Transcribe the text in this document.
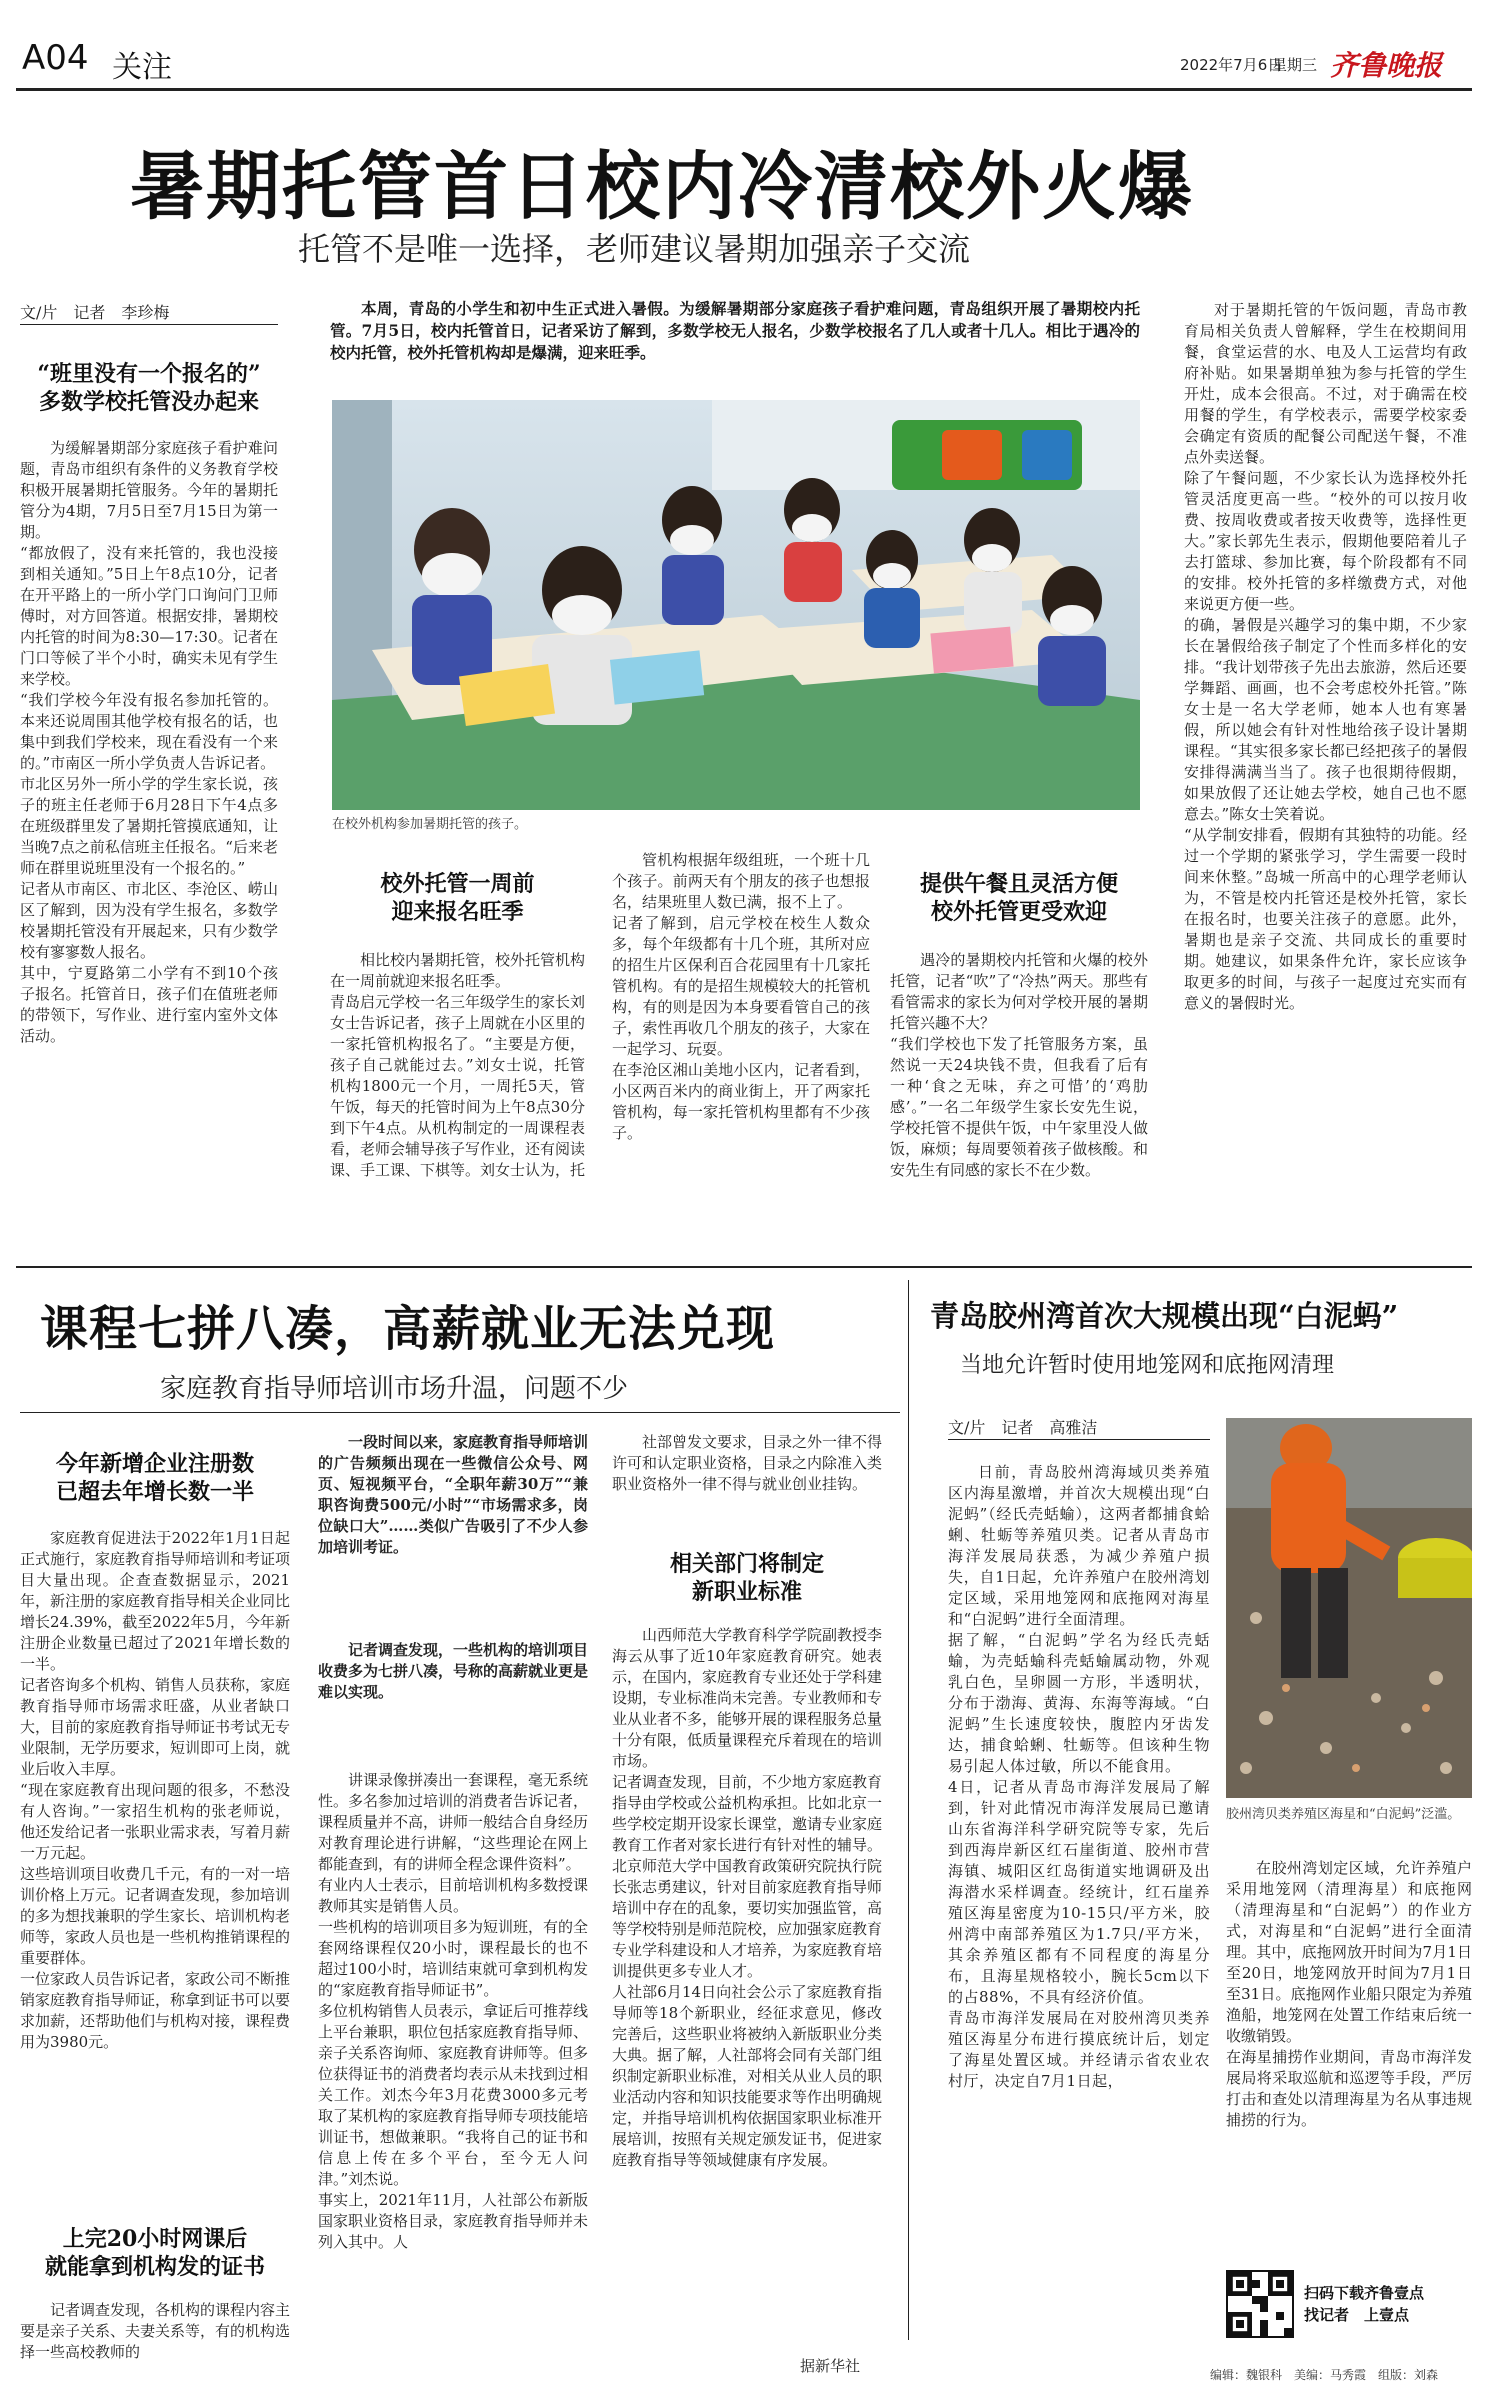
A04 关注	2022年7月6日
星期三 齐鲁晚报
暑期托管首日校内冷清校外火爆
托管不是唯一选择，老师建议暑期加强亲子交流
文/片　记者　李珍梅	本周，青岛的小学生和初中生正式进入暑假。为缓解暑期部分家庭孩子看护难问题，青岛组织开展了暑期校内托管。7月5日，校内托管首日，记者采访了解到，多数学校无人报名，少数学校报名了几人或者十几人。相比于遇冷的校内托管，校外托管机构却是爆满，迎来旺季。
“班里没有一个报名的”
多数学校托管没办起来
为缓解暑期部分家庭孩子看护难问题，青岛市组织有条件的义务教育学校积极开展暑期托管服务。今年的暑期托管分为4期，7月5日至7月15日为第一期。
“都放假了，没有来托管的，我也没接到相关通知。”5日上午8点10分，记者在开平路上的一所小学门口询问门卫师傅时，对方回答道。根据安排，暑期校内托管的时间为8:30—17:30。记者在门口等候了半个小时，确实未见有学生来学校。
“我们学校今年没有报名参加托管的。本来还说周围其他学校有报名的话，也集中到我们学校来，现在看没有一个来的。”市南区一所小学负责人告诉记者。
市北区另外一所小学的学生家长说，孩子的班主任老师于6月28日下午4点多在班级群里发了暑期托管摸底通知，让当晚7点之前私信班主任报名。“后来老师在群里说班里没有一个报名的。”
记者从市南区、市北区、李沧区、崂山区了解到，因为没有学生报名，多数学校暑期托管没有开展起来，只有少数学校有寥寥数人报名。
其中，宁夏路第二小学有不到10个孩子报名。托管首日，孩子们在值班老师的带领下，写作业、进行室内室外文体活动。
在校外机构参加暑期托管的孩子。
校外托管一周前
迎来报名旺季
相比校内暑期托管，校外托管机构在一周前就迎来报名旺季。
青岛启元学校一名三年级学生的家长刘女士告诉记者，孩子上周就在小区里的一家托管机构报名了。“主要是方便，孩子自己就能过去。”刘女士说，托管机构1800元一个月，一周托5天，管午饭，每天的托管时间为上午8点30分到下午4点。从机构制定的一周课程表看，老师会辅导孩子写作业，还有阅读课、手工课、下棋等。刘女士认为，托
管机构根据年级组班，一个班十几个孩子。前两天有个朋友的孩子也想报名，结果班里人数已满，报不上了。
记者了解到，启元学校在校生人数众多，每个年级都有十几个班，其所对应的招生片区保利百合花园里有十几家托管机构。有的是招生规模较大的托管机构，有的则是因为本身要看管自己的孩子，索性再收几个朋友的孩子，大家在一起学习、玩耍。
在李沧区湘山美地小区内，记者看到，小区两百米内的商业街上，开了两家托管机构，每一家托管机构里都有不少孩子。
提供午餐且灵活方便
校外托管更受欢迎
遇冷的暑期校内托管和火爆的校外托管，记者“吹”了“冷热”两天。那些有看管需求的家长为何对学校开展的暑期托管兴趣不大？
“我们学校也下发了托管服务方案，虽然说一天24块钱不贵，但我看了后有一种‘食之无味，弃之可惜’的‘鸡肋感’。”一名二年级学生家长安先生说，学校托管不提供午饭，中午家里没人做饭，麻烦；每周要领着孩子做核酸。和安先生有同感的家长不在少数。
对于暑期托管的午饭问题，青岛市教育局相关负责人曾解释，学生在校期间用餐，食堂运营的水、电及人工运营均有政府补贴。如果暑期单独为参与托管的学生开灶，成本会很高。不过，对于确需在校用餐的学生，有学校表示，需要学校家委会确定有资质的配餐公司配送午餐，不准点外卖送餐。
除了午餐问题，不少家长认为选择校外托管灵活度更高一些。“校外的可以按月收费、按周收费或者按天收费等，选择性更大。”家长郭先生表示，假期他要陪着儿子去打篮球、参加比赛，每个阶段都有不同的安排。校外托管的多样缴费方式，对他来说更方便一些。
的确，暑假是兴趣学习的集中期，不少家长在暑假给孩子制定了个性而多样化的安排。“我计划带孩子先出去旅游，然后还要学舞蹈、画画，也不会考虑校外托管。”陈女士是一名大学老师，她本人也有寒暑假，所以她会有针对性地给孩子设计暑期课程。“其实很多家长都已经把孩子的暑假安排得满满当当了。孩子也很期待假期，如果放假了还让她去学校，她自己也不愿意去。”陈女士笑着说。
“从学制安排看，假期有其独特的功能。经过一个学期的紧张学习，学生需要一段时间来休整。”岛城一所高中的心理学老师认为，不管是校内托管还是校外托管，家长在报名时，也要关注孩子的意愿。此外，暑期也是亲子交流、共同成长的重要时期。她建议，如果条件允许，家长应该争取更多的时间，与孩子一起度过充实而有意义的暑假时光。
课程七拼八凑，高薪就业无法兑现
家庭教育指导师培训市场升温，问题不少
今年新增企业注册数
已超去年增长数一半
家庭教育促进法于2022年1月1日起正式施行，家庭教育指导师培训和考证项目大量出现。企查查数据显示，2021年，新注册的家庭教育指导相关企业同比增长24.39%，截至2022年5月，今年新注册企业数量已超过了2021年增长数的一半。
记者咨询多个机构、销售人员获称，家庭教育指导师市场需求旺盛，从业者缺口大，目前的家庭教育指导师证书考试无专业限制，无学历要求，短训即可上岗，就业后收入丰厚。
“现在家庭教育出现问题的很多，不愁没有人咨询。”一家招生机构的张老师说，他还发给记者一张职业需求表，写着月薪一万元起。
这些培训项目收费几千元，有的一对一培训价格上万元。记者调查发现，参加培训的多为想找兼职的学生家长、培训机构老师等，家政人员也是一些机构推销课程的重要群体。
一位家政人员告诉记者，家政公司不断推销家庭教育指导师证，称拿到证书可以要求加薪，还帮助他们与机构对接，课程费用为3980元。
上完20小时网课后
就能拿到机构发的证书
记者调查发现，各机构的课程内容主要是亲子关系、夫妻关系等，有的机构选择一些高校教师的
一段时间以来，家庭教育指导师培训的广告频频出现在一些微信公众号、网页、短视频平台，“全职年薪30万”“兼职咨询费500元/小时”“市场需求多，岗位缺口大”……类似广告吸引了不少人参加培训考证。
记者调查发现，一些机构的培训项目收费多为七拼八凑，号称的高薪就业更是难以实现。
讲课录像拼凑出一套课程，毫无系统性。多名参加过培训的消费者告诉记者，课程质量并不高，讲师一般结合自身经历对教育理论进行讲解，“这些理论在网上都能查到，有的讲师全程念课件资料”。
有业内人士表示，目前培训机构多数授课教师其实是销售人员。
一些机构的培训项目多为短训班，有的全套网络课程仅20小时，课程最长的也不超过100小时，培训结束就可拿到机构发的“家庭教育指导师证书”。
多位机构销售人员表示，拿证后可推荐线上平台兼职，职位包括家庭教育指导师、亲子关系咨询师、家庭教育讲师等。但多位获得证书的消费者均表示从未找到过相关工作。刘杰今年3月花费3000多元考取了某机构的家庭教育指导师专项技能培训证书，想做兼职。“我将自己的证书和信息上传在多个平台，至今无人问津。”刘杰说。
事实上，2021年11月，人社部公布新版国家职业资格目录，家庭教育指导师并未列入其中。人
社部曾发文要求，目录之外一律不得许可和认定职业资格，目录之内除准入类职业资格外一律不得与就业创业挂钩。
相关部门将制定
新职业标准
山西师范大学教育科学学院副教授李海云从事了近10年家庭教育研究。她表示，在国内，家庭教育专业还处于学科建设期，专业标准尚未完善。专业教师和专业从业者不多，能够开展的课程服务总量十分有限，低质量课程充斥着现在的培训市场。
记者调查发现，目前，不少地方家庭教育指导由学校或公益机构承担。比如北京一些学校定期开设家长课堂，邀请专业家庭教育工作者对家长进行有针对性的辅导。
北京师范大学中国教育政策研究院执行院长张志勇建议，针对目前家庭教育指导师培训中存在的乱象，要切实加强监管，高等学校特别是师范院校，应加强家庭教育专业学科建设和人才培养，为家庭教育培训提供更多专业人才。
人社部6月14日向社会公示了家庭教育指导师等18个新职业，经征求意见，修改完善后，这些职业将被纳入新版职业分类大典。据了解，人社部将会同有关部门组织制定新职业标准，对相关从业人员的职业活动内容和知识技能要求等作出明确规定，并指导培训机构依据国家职业标准开展培训，按照有关规定颁发证书，促进家庭教育指导等领域健康有序发展。
据新华社
青岛胶州湾首次大规模出现“白泥蚂”
当地允许暂时使用地笼网和底拖网清理
文/片　记者　高雅洁
日前，青岛胶州湾海域贝类养殖区内海星激增，并首次大规模出现“白泥蚂”（经氏壳蛞蝓），这两者都捕食蛤蜊、牡蛎等养殖贝类。记者从青岛市海洋发展局获悉，为减少养殖户损失，自1日起，允许养殖户在胶州湾划定区域，采用地笼网和底拖网对海星和“白泥蚂”进行全面清理。
据了解，“白泥蚂”学名为经氏壳蛞蝓，为壳蛞蝓科壳蛞蝓属动物，外观乳白色，呈卵圆一方形，半透明状，分布于渤海、黄海、东海等海域。“白泥蚂”生长速度较快，腹腔内牙齿发达，捕食蛤蜊、牡蛎等。但该种生物易引起人体过敏，所以不能食用。
4日，记者从青岛市海洋发展局了解到，针对此情况市海洋发展局已邀请山东省海洋科学研究院等专家，先后到西海岸新区红石崖街道、胶州市营海镇、城阳区红岛街道实地调研及出海潜水采样调查。经统计，红石崖养殖区海星密度为10-15只/平方米，胶州湾中南部养殖区为1.7只/平方米，其余养殖区都有不同程度的海星分布，且海星规格较小，腕长5cm以下的占88%，不具有经济价值。
青岛市海洋发展局在对胶州湾贝类养殖区海星分布进行摸底统计后，划定了海星处置区域。并经请示省农业农村厅，决定自7月1日起，
胶州湾贝类养殖区海星和“白泥蚂”泛滥。
在胶州湾划定区域，允许养殖户采用地笼网（清理海星）和底拖网（清理海星和“白泥蚂”）的作业方式，对海星和“白泥蚂”进行全面清理。其中，底拖网放开时间为7月1日至20日，地笼网放开时间为7月1日至31日。底拖网作业船只限定为养殖渔船，地笼网在处置工作结束后统一收缴销毁。
在海星捕捞作业期间，青岛市海洋发展局将采取巡航和巡逻等手段，严厉打击和查处以清理海星为名从事违规捕捞的行为。
扫码下载齐鲁壹点
找记者　上壹点
编辑：魏银科　美编：马秀霞　组版：刘森
